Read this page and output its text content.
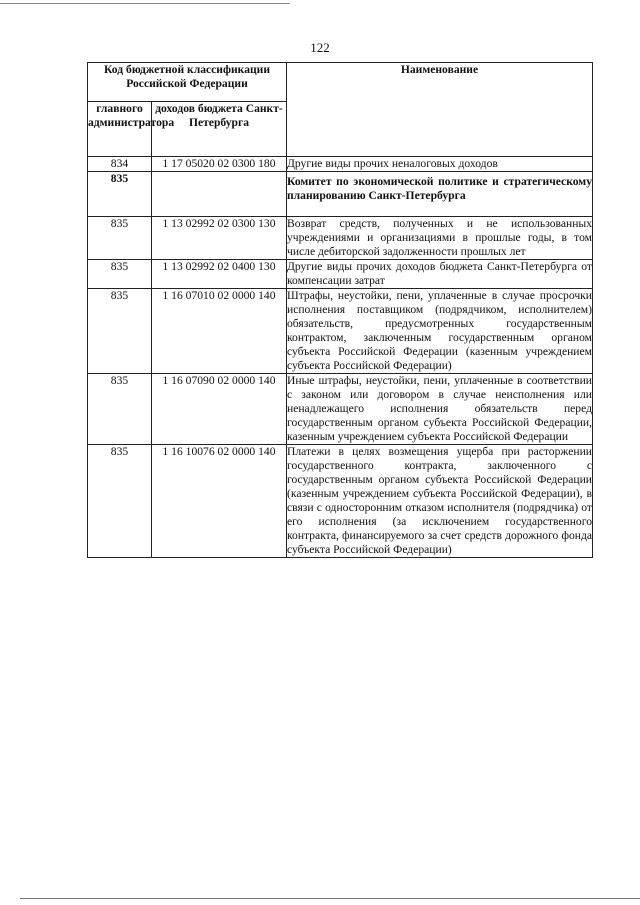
122
Код бюджетной классификации Российской Федерации		Наименование
главного администратора	доходов бюджета Санкт-Петербурга	
834	1 17 05020 02 0300 180	Другие виды прочих неналоговых доходов
835		Комитет по экономической политике и стратегическому планированию Санкт-Петербурга
835	1 13 02992 02 0300 130	Возврат средств, полученных и не использованных учреждениями и организациями в прошлые годы, в том числе дебиторской задолженности прошлых лет
835	1 13 02992 02 0400 130	Другие виды прочих доходов бюджета Санкт-Петербурга от компенсации затрат
835	1 16 07010 02 0000 140	Штрафы, неустойки, пени, уплаченные в случае просрочки исполнения поставщиком (подрядчиком, исполнителем) обязательств, предусмотренных государственным контрактом, заключенным государственным органом субъекта Российской Федерации (казенным учреждением субъекта Российской Федерации)
835	1 16 07090 02 0000 140	Иные штрафы, неустойки, пени, уплаченные в соответствии с законом или договором в случае неисполнения или ненадлежащего исполнения обязательств перед государственным органом субъекта Российской Федерации, казенным учреждением субъекта Российской Федерации
835	1 16 10076 02 0000 140	Платежи в целях возмещения ущерба при расторжении государственного контракта, заключенного с государственным органом субъекта Российской Федерации (казенным учреждением субъекта Российской Федерации), в связи с односторонним отказом исполнителя (подрядчика) от его исполнения (за исключением государственного контракта, финансируемого за счет средств дорожного фонда субъекта Российской Федерации)
